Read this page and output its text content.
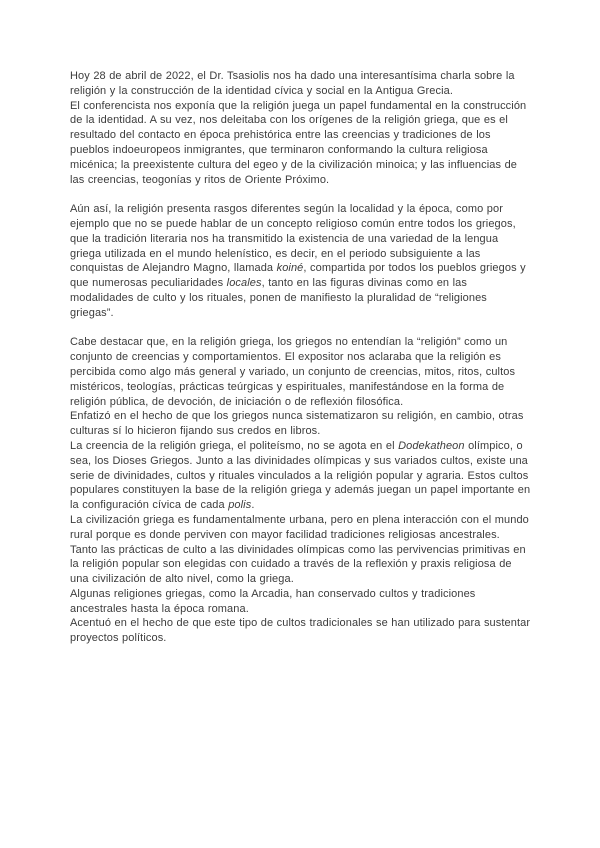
Hoy 28 de abril de 2022, el Dr. Tsasiolis nos ha dado una interesantísima charla sobre la religión y la construcción de la identidad cívica y social en la Antigua Grecia.

El conferencista nos exponía que la religión juega un papel fundamental en la construcción de la identidad. A su vez, nos deleitaba con los orígenes de la religión griega, que es el resultado del contacto en época prehistórica entre las creencias y tradiciones de los pueblos indoeuropeos inmigrantes, que terminaron conformando la cultura religiosa micénica; la preexistente cultura del egeo y de la civilización minoica; y las influencias de las creencias, teogonías y ritos de Oriente Próximo.

Aún así, la religión presenta rasgos diferentes según la localidad y la época, como por ejemplo que no se puede hablar de un concepto religioso común entre todos los griegos, que la tradición literaria nos ha transmitido la existencia de una variedad de la lengua griega utilizada en el mundo helenístico, es decir, en el periodo subsiguiente a las conquistas de Alejandro Magno, llamada koiné, compartida por todos los pueblos griegos y que numerosas peculiaridades locales, tanto en las figuras divinas como en las modalidades de culto y los rituales, ponen de manifiesto la pluralidad de “religiones griegas”.

Cabe destacar que, en la religión griega, los griegos no entendían la “religión” como un conjunto de creencias y comportamientos. El expositor nos aclaraba que la religión es percibida como algo más general y variado, un conjunto de creencias, mitos, ritos, cultos mistéricos, teologías, prácticas teúrgicas y espirituales, manifestándose en la forma de religión pública, de devoción, de iniciación o de reflexión filosófica.

Enfatizó en el hecho de que los griegos nunca sistematizaron su religión, en cambio, otras culturas sí lo hicieron fijando sus credos en libros.

La creencia de la religión griega, el politeísmo, no se agota en el Dodekatheon olímpico, o sea, los Dioses Griegos. Junto a las divinidades olímpicas y sus variados cultos, existe una serie de divinidades, cultos y rituales vinculados a la religión popular y agraria. Estos cultos populares constituyen la base de la religión griega y además juegan un papel importante en la configuración cívica de cada polis.

La civilización griega es fundamentalmente urbana, pero en plena interacción con el mundo rural porque es donde perviven con mayor facilidad tradiciones religiosas ancestrales.

Tanto las prácticas de culto a las divinidades olímpicas como las pervivencias primitivas en la religión popular son elegidas con cuidado a través de la reflexión y praxis religiosa de una civilización de alto nivel, como la griega.

Algunas religiones griegas, como la Arcadia, han conservado cultos y tradiciones ancestrales hasta la época romana.

Acentuó en el hecho de que este tipo de cultos tradicionales se han utilizado para sustentar proyectos políticos.
